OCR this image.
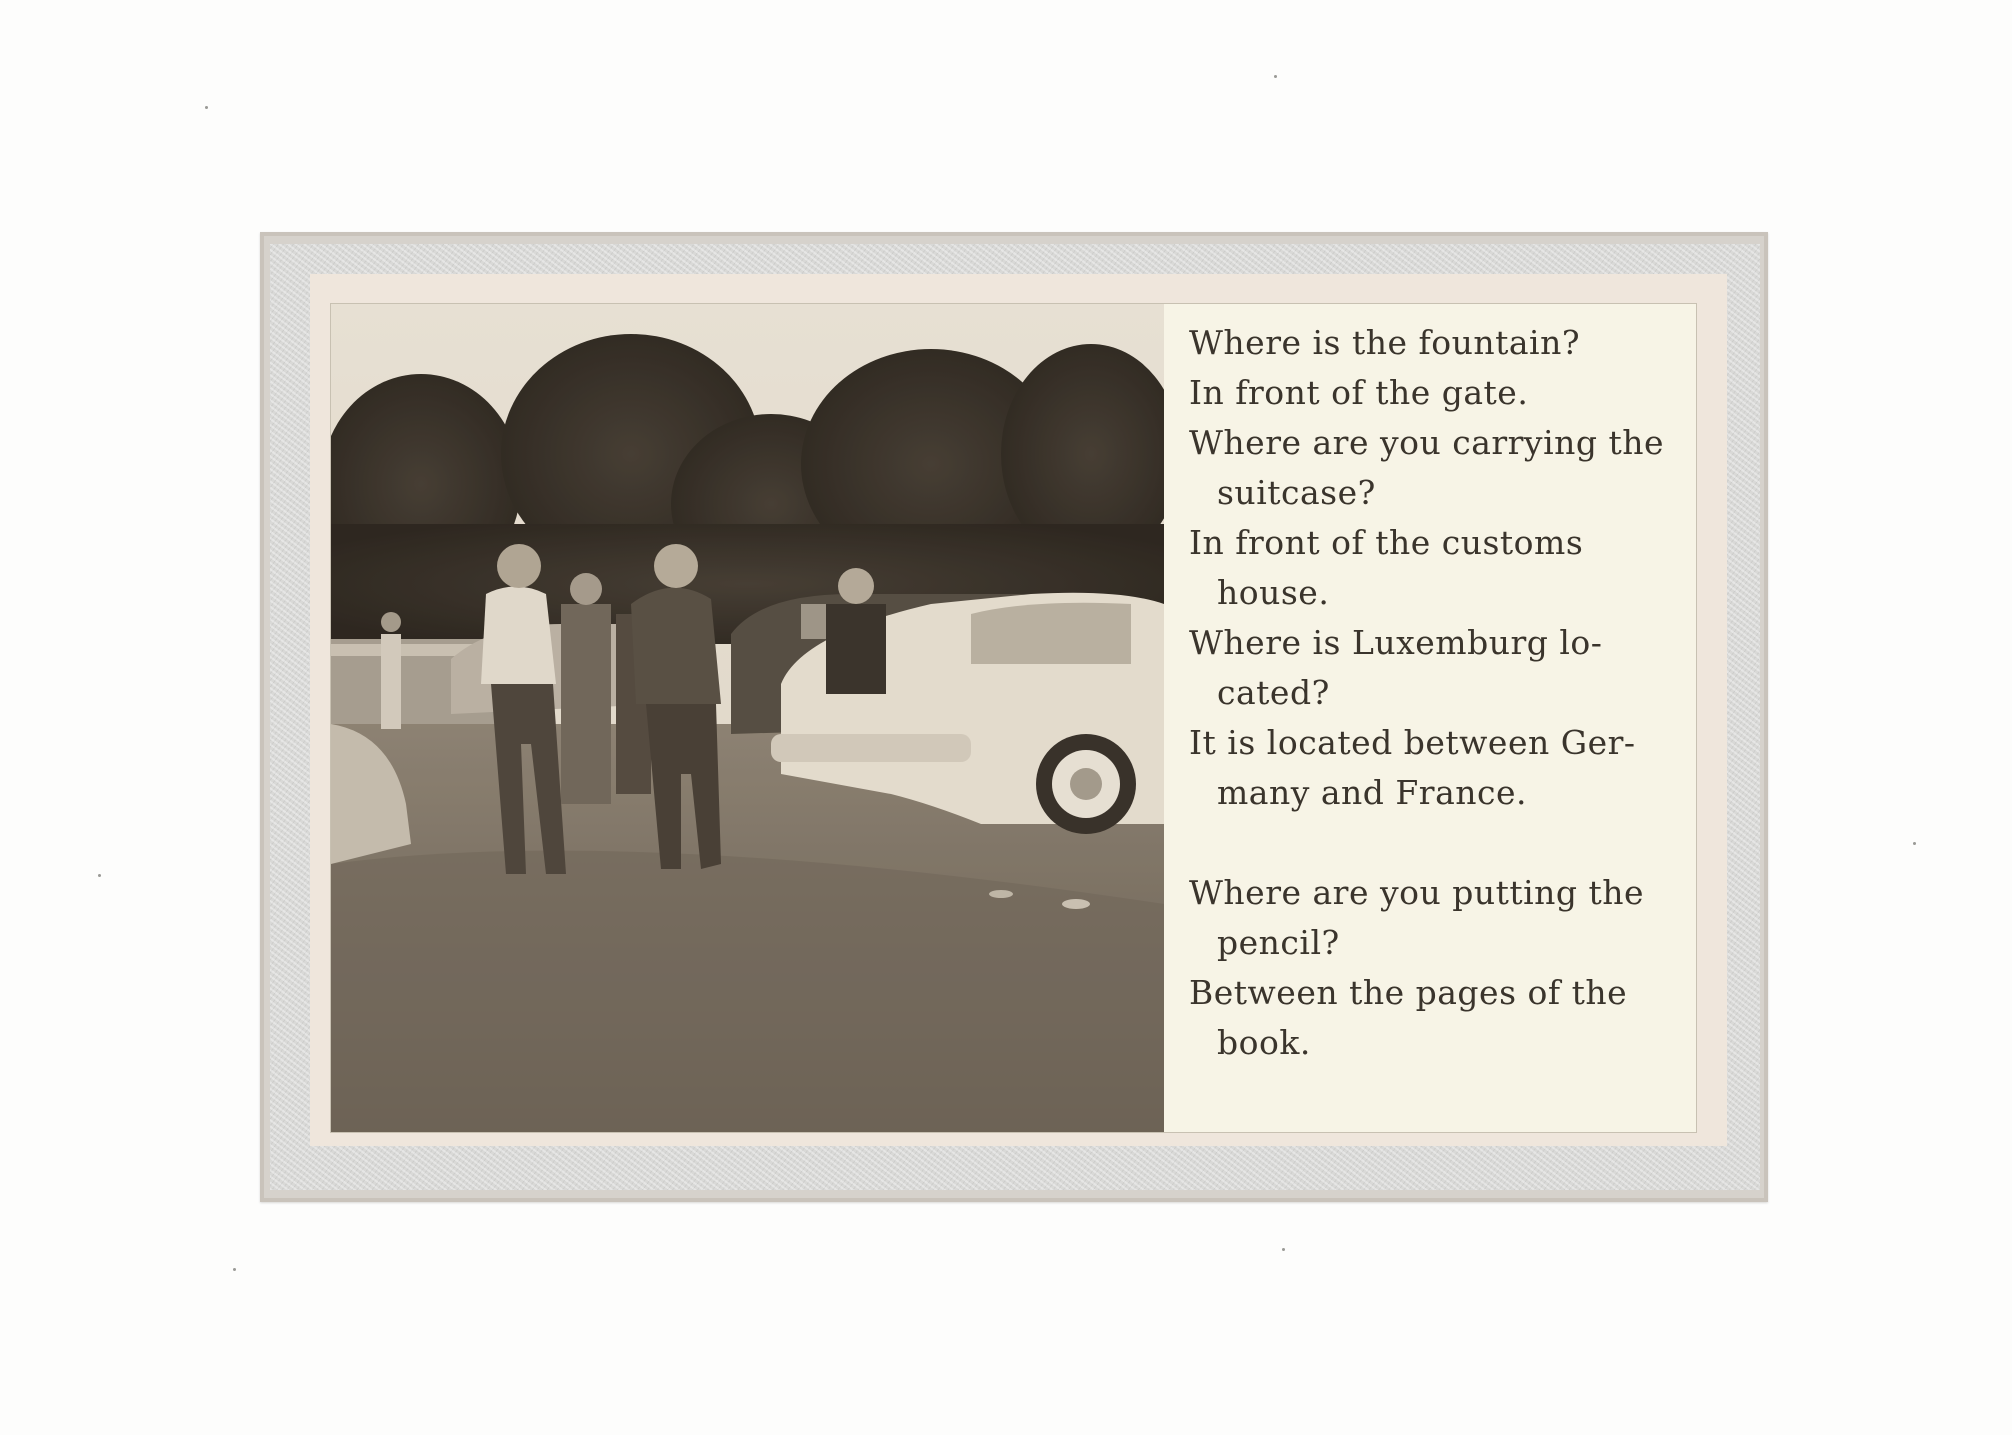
Where is the fountain?
In front of the gate.
Where are you carrying the
suitcase?
In front of the customs
house.
Where is Luxemburg lo-
cated?
It is located between Ger-
many and France.
Where are you putting the
pencil?
Between the pages of the
book.
